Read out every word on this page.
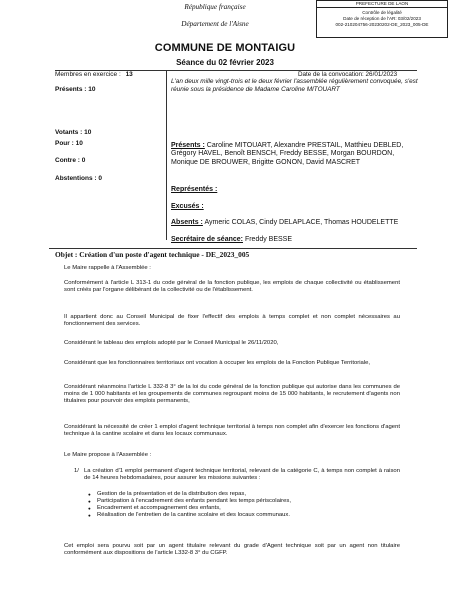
République française
Département de l'Aisne
PREFECTURE DE LAON
Contrôle de légalité
Date de réception de l'AR: 03/02/2023
002-210204756-20230202-DE_2023_005-DE
COMMUNE DE MONTAIGU
Séance du 02 février 2023
Membres en exercice : 13
Présents : 10
Votants : 10
Pour : 10
Contre : 0
Abstentions : 0
Date de la convocation: 26/01/2023
L'an deux mille vingt-trois et le deux février l'assemblée régulièrement convoquée, s'est réunie sous la présidence de Madame Caroline MITOUART
Présents : Caroline MITOUART, Alexandre PRESTAIL, Matthieu DEBLED, Grégory HAVEL, Benoît BENSCH, Freddy BESSE, Morgan BOURDON, Monique DE BROUWER, Brigitte GONON, David MASCRET
Représentés :
Excusés :
Absents : Aymeric COLAS, Cindy DELAPLACE, Thomas HOUDELETTE
Secrétaire de séance: Freddy BESSE
Objet : Création d'un poste d'agent technique - DE_2023_005
Le Maire rappelle à l'Assemblée :
Conformément à l'article L 313-1 du code général de la fonction publique, les emplois de chaque collectivité ou établissement sont créés par l'organe délibérant de la collectivité ou de l'établissement.
Il appartient donc au Conseil Municipal de fixer l'effectif des emplois à temps complet et non complet nécessaires au fonctionnement des services.
Considérant le tableau des emplois adopté par le Conseil Municipal le 26/11/2020,
Considérant que les fonctionnaires territoriaux ont vocation à occuper les emplois de la Fonction Publique Territoriale,
Considérant néanmoins l'article L 332-8 3° de la loi du code général de la fonction publique qui autorise dans les communes de moins de 1 000 habitants et les groupements de communes regroupant moins de 15 000 habitants, le recrutement d'agents non titulaires pour pourvoir des emplois permanents,
Considérant la nécessité de créer 1 emploi d'agent technique territorial à temps non complet afin d'exercer les fonctions d'agent technique à la cantine scolaire et dans les locaux communaux.
Le Maire propose à l'Assemblée :
1/ La création d'1 emploi permanent d'agent technique territorial, relevant de la catégorie C, à temps non complet à raison de 14 heures hebdomadaires, pour assurer les missions suivantes :
● Gestion de la présentation et de la distribution des repas,
● Participation à l'encadrement des enfants pendant les temps périscolaires,
● Encadrement et accompagnement des enfants,
● Réalisation de l'entretien de la cantine scolaire et des locaux communaux.
Cet emploi sera pourvu soit par un agent titulaire relevant du grade d'Agent technique soit par un agent non titulaire conformément aux dispositions de l'article L332-8 3° du CGFP.
